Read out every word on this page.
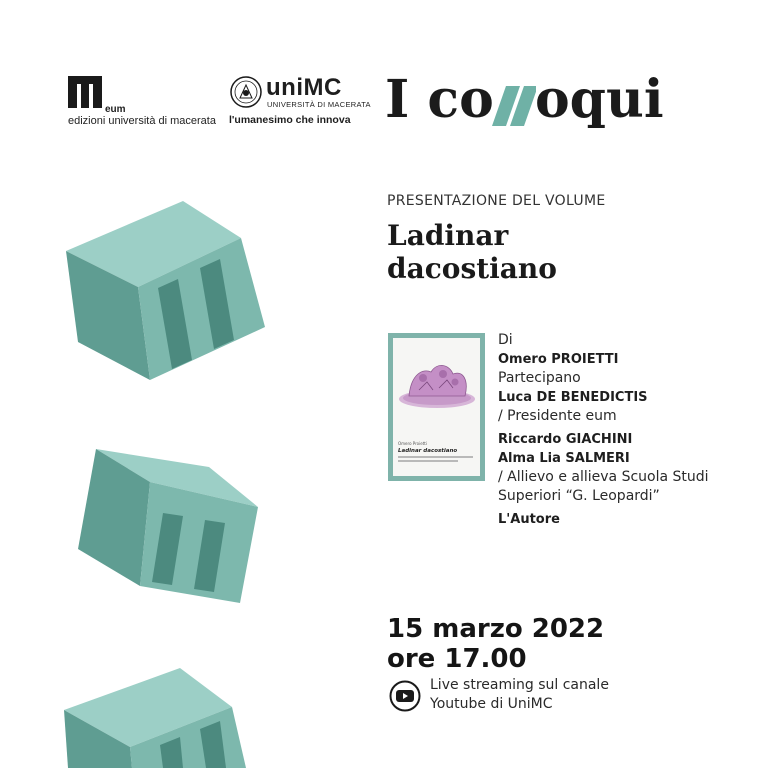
eum
edizioni università di macerata
uniMC
UNIVERSITÀ DI MACERATA
l'umanesimo che innova I co oqui
PRESENTAZIONE DEL VOLUME
Ladinar
dacostiano
Omero Proietti
Ladinar dacostiano
Di
Omero PROIETTI
Partecipano
Luca DE BENEDICTIS
/ Presidente eum
Riccardo GIACHINI
Alma Lia SALMERI
/ Allievo e allieva Scuola Studi
Superiori “G. Leopardi”
L'Autore
15 marzo 2022
ore 17.00
Live streaming sul canale
Youtube di UniMC
